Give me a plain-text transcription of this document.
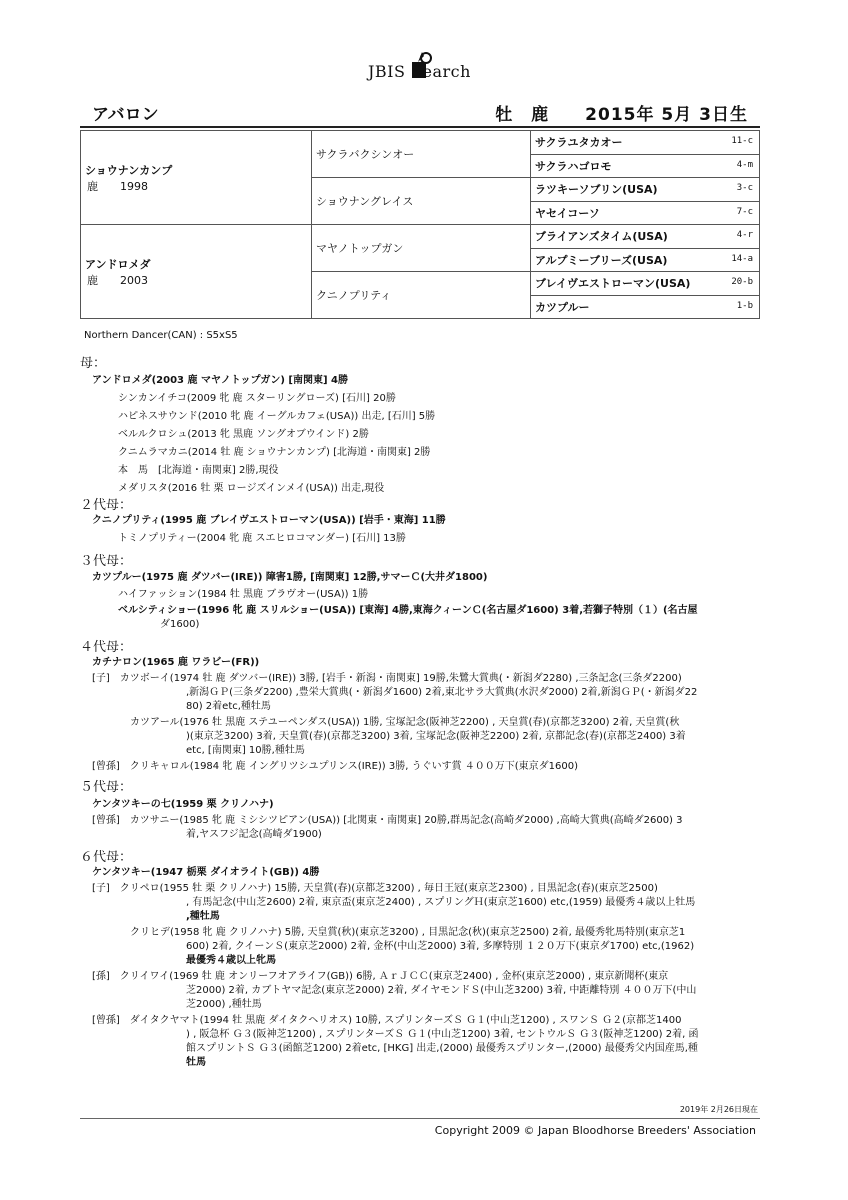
JBIS Search
アバロン	牡　鹿　　2015年 5月 3日生
ショウナンカンプ
鹿　　1998	サクラバクシンオー	サクラユタカオー 11-c

		サクラハゴロモ 4-m

	ショウナングレイス	ラツキーソブリン(USA) 3-c

		ヤセイコーソ 7-c

アンドロメダ
鹿　　2003	マヤノトップガン	ブライアンズタイム(USA) 4-r

		アルプミーブリーズ(USA) 14-a

	クニノプリティ	ブレイヴエストローマン(USA) 20-b

		カツプルー 1-b
Northern Dancer(CAN) : S5xS5
母：
アンドロメダ(2003 鹿 マヤノトップガン) [南関東] 4勝
シンカンイチコ(2009 牝 鹿 スターリングローズ) [石川] 20勝
ハピネスサウンド(2010 牝 鹿 イーグルカフェ(USA)) 出走, [石川] 5勝
ベルルクロシュ(2013 牝 黒鹿 ソングオブウインド) 2勝
クニムラマカニ(2014 牡 鹿 ショウナンカンプ) [北海道・南関東] 2勝
本　馬　[北海道・南関東] 2勝,現役
メダリスタ(2016 牡 栗 ロージズインメイ(USA)) 出走,現役
２代母：
クニノプリティ(1995 鹿 ブレイヴエストローマン(USA)) [岩手・東海] 11勝
トミノプリティー(2004 牝 鹿 スエヒロコマンダー) [石川] 13勝
３代母：
カツプルー(1975 鹿 ダツバー(IRE)) 障害1勝, [南関東] 12勝,サマーＣ(大井ダ1800)
ハイファッション(1984 牡 黒鹿 ブラヴオー(USA)) 1勝
ベルシティショー(1996 牝 鹿 スリルショー(USA)) [東海] 4勝,東海クィーンＣ(名古屋ダ1600) 3着,若獅子特別（１）(名古屋
ダ1600)
４代母：
カチナロン(1965 鹿 ワラビー(FR))
[子]　カツボーイ(1974 牡 鹿 ダツバー(IRE)) 3勝, [岩手・新潟・南関東] 19勝,朱鷺大賞典(・新潟ダ2280) ,三条記念(三条ダ2200)
,新潟ＧＰ(三条ダ2200) ,豊栄大賞典(・新潟ダ1600) 2着,東北サラ大賞典(水沢ダ2000) 2着,新潟ＧＰ(・新潟ダ22
80) 2着etc,種牡馬
カツアール(1976 牡 黒鹿 ステユーペンダス(USA)) 1勝, 宝塚記念(阪神芝2200) , 天皇賞(春)(京都芝3200) 2着, 天皇賞(秋
)(東京芝3200) 3着, 天皇賞(春)(京都芝3200) 3着, 宝塚記念(阪神芝2200) 2着, 京都記念(春)(京都芝2400) 3着
etc, [南関東] 10勝,種牡馬
[曾孫]　クリキャロル(1984 牝 鹿 イングリツシユプリンス(IRE)) 3勝, うぐいす賞 ４００万下(東京ダ1600)
５代母：
ケンタツキーの七(1959 栗 クリノハナ)
[曾孫]　カツサニー(1985 牝 鹿 ミシシツピアン(USA)) [北関東・南関東] 20勝,群馬記念(高崎ダ2000) ,高崎大賞典(高崎ダ2600) 3
着,ヤスフジ記念(高崎ダ1900)
６代母：
ケンタツキー(1947 栃栗 ダイオライト(GB)) 4勝
[子]　クリペロ(1955 牡 栗 クリノハナ) 15勝, 天皇賞(春)(京都芝3200) , 毎日王冠(東京芝2300) , 目黒記念(春)(東京芝2500)
, 有馬記念(中山芝2600) 2着, 東京盃(東京芝2400) , スプリングＨ(東京芝1600) etc,(1959) 最優秀４歳以上牡馬
,種牡馬
クリヒデ(1958 牝 鹿 クリノハナ) 5勝, 天皇賞(秋)(東京芝3200) , 目黒記念(秋)(東京芝2500) 2着, 最優秀牝馬特別(東京芝1
600) 2着, クイーンＳ(東京芝2000) 2着, 金杯(中山芝2000) 3着, 多摩特別 １２０万下(東京ダ1700) etc,(1962)
最優秀４歳以上牝馬
[孫]　クリイワイ(1969 牡 鹿 オンリーフオアライフ(GB)) 6勝, ＡｒＪＣＣ(東京芝2400) , 金杯(東京芝2000) , 東京新聞杯(東京
芝2000) 2着, カブトヤマ記念(東京芝2000) 2着, ダイヤモンドＳ(中山芝3200) 3着, 中距離特別 ４００万下(中山
芝2000) ,種牡馬
[曾孫]　ダイタクヤマト(1994 牡 黒鹿 ダイタクヘリオス) 10勝, スプリンターズＳ Ｇ１(中山芝1200) , スワンＳ Ｇ２(京都芝1400
) , 阪急杯 Ｇ３(阪神芝1200) , スプリンターズＳ Ｇ１(中山芝1200) 3着, セントウルＳ Ｇ３(阪神芝1200) 2着, 函
館スプリントＳ Ｇ３(函館芝1200) 2着etc, [HKG] 出走,(2000) 最優秀スプリンター,(2000) 最優秀父内国産馬,種
牡馬
2019年 2月26日現在
Copyright 2009 © Japan Bloodhorse Breeders' Association
